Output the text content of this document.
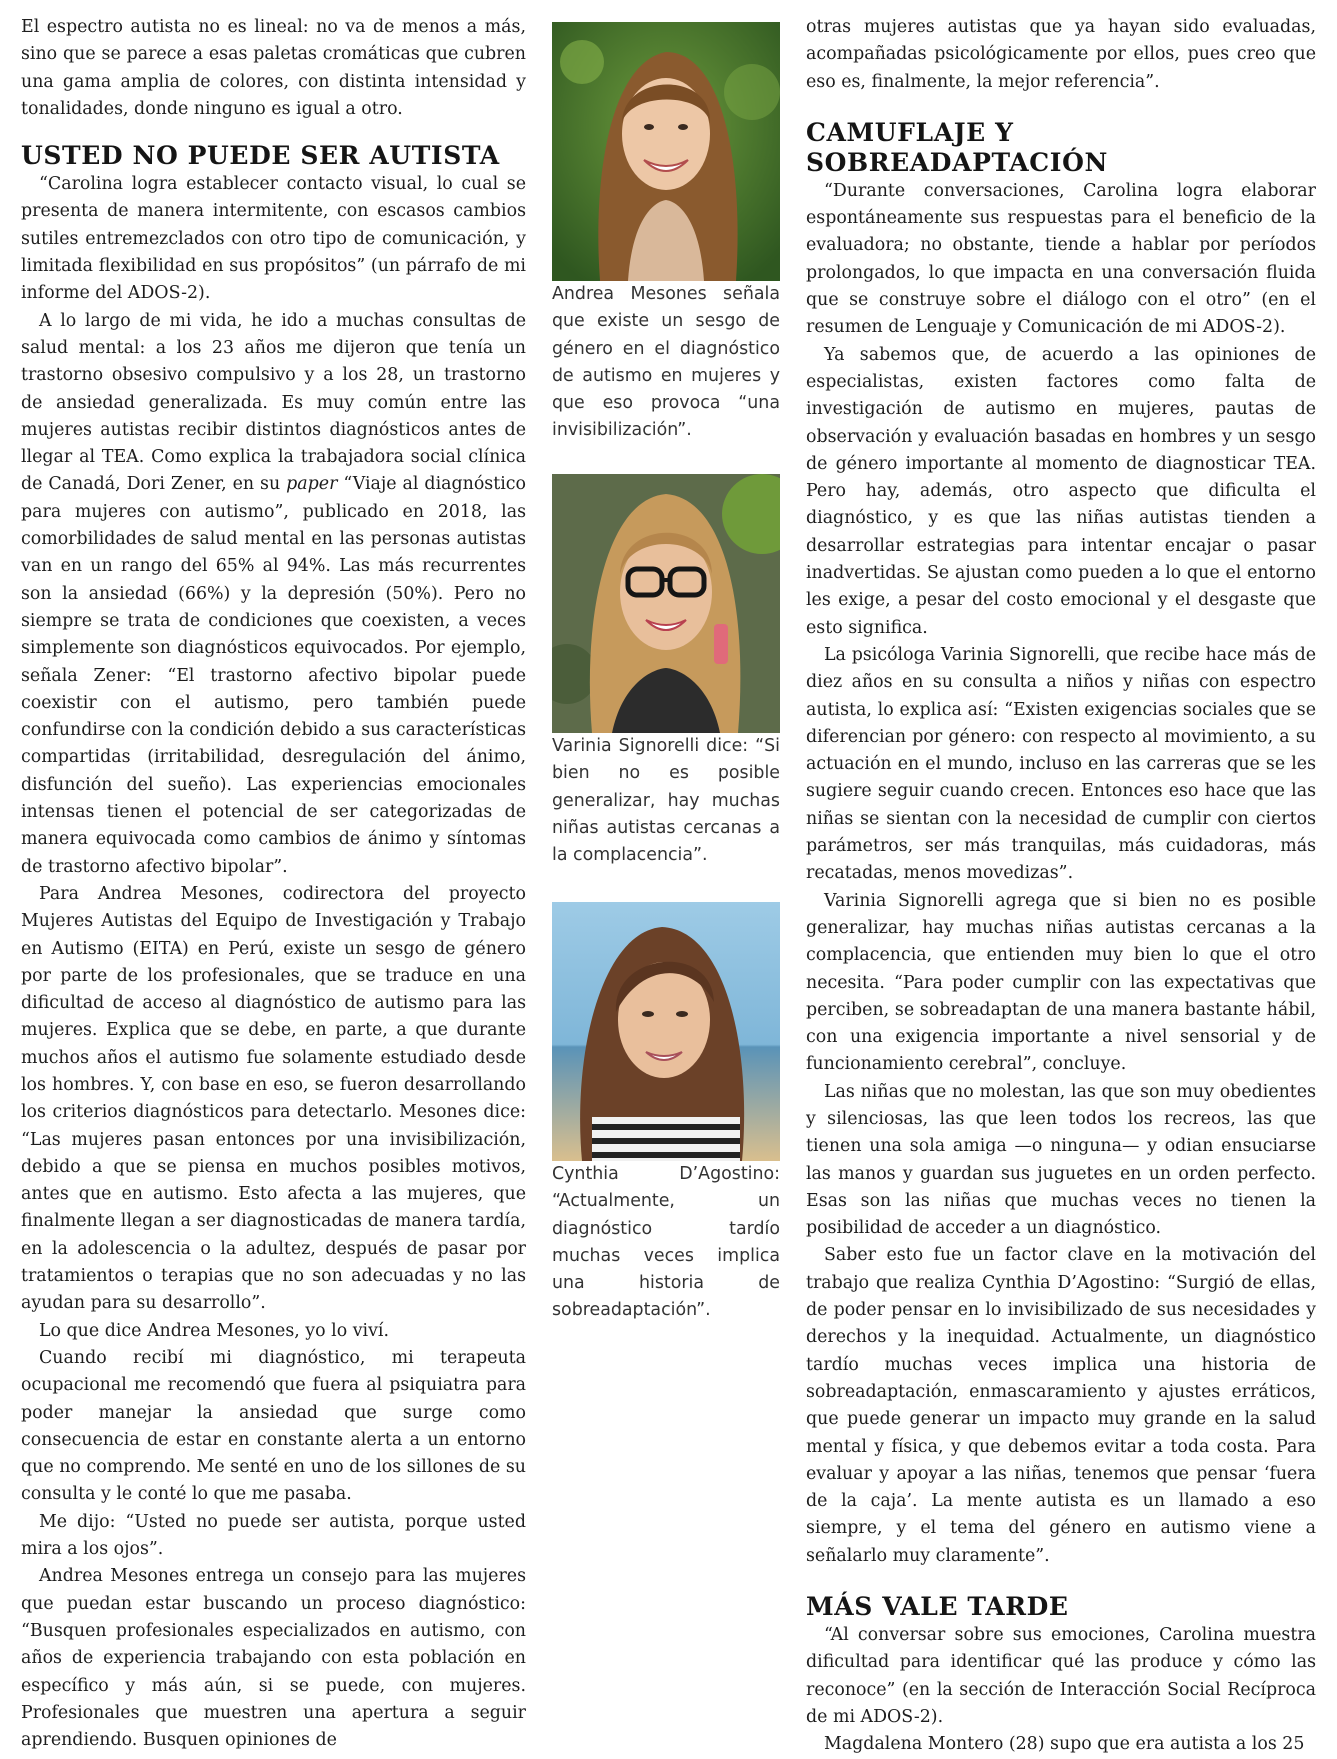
El espectro autista no es lineal: no va de menos a más, sino que se parece a esas paletas cromáticas que cubren una gama amplia de colores, con distinta intensidad y tonalidades, donde ninguno es igual a otro.

USTED NO PUEDE SER AUTISTA

“Carolina logra establecer contacto visual, lo cual se presenta de manera intermitente, con escasos cambios sutiles entremezclados con otro tipo de comunicación, y limitada flexibilidad en sus propósitos” (un párrafo de mi informe del ADOS-2).

A lo largo de mi vida, he ido a muchas consultas de salud mental: a los 23 años me dijeron que tenía un trastorno obsesivo compulsivo y a los 28, un trastorno de ansiedad generalizada. Es muy común entre las mujeres autistas recibir distintos diagnósticos antes de llegar al TEA. Como explica la trabajadora social clínica de Canadá, Dori Zener, en su paper “Viaje al diagnóstico para mujeres con autismo”, publicado en 2018, las comorbilidades de salud mental en las personas autistas van en un rango del 65% al 94%. Las más recurrentes son la ansiedad (66%) y la depresión (50%). Pero no siempre se trata de condiciones que coexisten, a veces simplemente son diagnósticos equivocados. Por ejemplo, señala Zener: “El trastorno afectivo bipolar puede coexistir con el autismo, pero también puede confundirse con la condición debido a sus características compartidas (irritabilidad, desregulación del ánimo, disfunción del sueño). Las experiencias emocionales intensas tienen el potencial de ser categorizadas de manera equivocada como cambios de ánimo y síntomas de trastorno afectivo bipolar”.

Para Andrea Mesones, codirectora del proyecto Mujeres Autistas del Equipo de Investigación y Trabajo en Autismo (EITA) en Perú, existe un sesgo de género por parte de los profesionales, que se traduce en una dificultad de acceso al diagnóstico de autismo para las mujeres. Explica que se debe, en parte, a que durante muchos años el autismo fue solamente estudiado desde los hombres. Y, con base en eso, se fueron desarrollando los criterios diagnósticos para detectarlo. Mesones dice: “Las mujeres pasan entonces por una invisibilización, debido a que se piensa en muchos posibles motivos, antes que en autismo. Esto afecta a las mujeres, que finalmente llegan a ser diagnosticadas de manera tardía, en la adolescencia o la adultez, después de pasar por tratamientos o terapias que no son adecuadas y no las ayudan para su desarrollo”.

Lo que dice Andrea Mesones, yo lo viví.

Cuando recibí mi diagnóstico, mi terapeuta ocupacional me recomendó que fuera al psiquiatra para poder manejar la ansiedad que surge como consecuencia de estar en constante alerta a un entorno que no comprendo. Me senté en uno de los sillones de su consulta y le conté lo que me pasaba.

Me dijo: “Usted no puede ser autista, porque usted mira a los ojos”.

Andrea Mesones entrega un consejo para las mujeres que puedan estar buscando un proceso diagnóstico: “Busquen profesionales especializados en autismo, con años de experiencia trabajando con esta población en específico y más aún, si se puede, con mujeres. Profesionales que muestren una apertura a seguir aprendiendo. Busquen opiniones de

Andrea Mesones señala que existe un sesgo de género en el diagnóstico de autismo en mujeres y que eso provoca “una invisibilización”.

Varinia Signorelli dice: “Si bien no es posible generalizar, hay muchas niñas autistas cercanas a la complacencia”.

Cynthia D’Agostino: “Actualmente, un diagnóstico tardío muchas veces implica una historia de sobreadaptación”.

otras mujeres autistas que ya hayan sido evaluadas, acompañadas psicológicamente por ellos, pues creo que eso es, finalmente, la mejor referencia”.

CAMUFLAJE Y SOBREADAPTACIÓN

“Durante conversaciones, Carolina logra elaborar espontáneamente sus respuestas para el beneficio de la evaluadora; no obstante, tiende a hablar por períodos prolongados, lo que impacta en una conversación fluida que se construye sobre el diálogo con el otro” (en el resumen de Lenguaje y Comunicación de mi ADOS-2).

Ya sabemos que, de acuerdo a las opiniones de especialistas, existen factores como falta de investigación de autismo en mujeres, pautas de observación y evaluación basadas en hombres y un sesgo de género importante al momento de diagnosticar TEA. Pero hay, además, otro aspecto que dificulta el diagnóstico, y es que las niñas autistas tienden a desarrollar estrategias para intentar encajar o pasar inadvertidas. Se ajustan como pueden a lo que el entorno les exige, a pesar del costo emocional y el desgaste que esto significa.

La psicóloga Varinia Signorelli, que recibe hace más de diez años en su consulta a niños y niñas con espectro autista, lo explica así: “Existen exigencias sociales que se diferencian por género: con respecto al movimiento, a su actuación en el mundo, incluso en las carreras que se les sugiere seguir cuando crecen. Entonces eso hace que las niñas se sientan con la necesidad de cumplir con ciertos parámetros, ser más tranquilas, más cuidadoras, más recatadas, menos movedizas”.

Varinia Signorelli agrega que si bien no es posible generalizar, hay muchas niñas autistas cercanas a la complacencia, que entienden muy bien lo que el otro necesita. “Para poder cumplir con las expectativas que perciben, se sobreadaptan de una manera bastante hábil, con una exigencia importante a nivel sensorial y de funcionamiento cerebral”, concluye.

Las niñas que no molestan, las que son muy obedientes y silenciosas, las que leen todos los recreos, las que tienen una sola amiga —o ninguna— y odian ensuciarse las manos y guardan sus juguetes en un orden perfecto. Esas son las niñas que muchas veces no tienen la posibilidad de acceder a un diagnóstico.

Saber esto fue un factor clave en la motivación del trabajo que realiza Cynthia D’Agostino: “Surgió de ellas, de poder pensar en lo invisibilizado de sus necesidades y derechos y la inequidad. Actualmente, un diagnóstico tardío muchas veces implica una historia de sobreadaptación, enmascaramiento y ajustes erráticos, que puede generar un impacto muy grande en la salud mental y física, y que debemos evitar a toda costa. Para evaluar y apoyar a las niñas, tenemos que pensar ‘fuera de la caja’. La mente autista es un llamado a eso siempre, y el tema del género en autismo viene a señalarlo muy claramente”.

MÁS VALE TARDE

“Al conversar sobre sus emociones, Carolina muestra dificultad para identificar qué las produce y cómo las reconoce” (en la sección de Interacción Social Recíproca de mi ADOS-2).

Magdalena Montero (28) supo que era autista a los 25
